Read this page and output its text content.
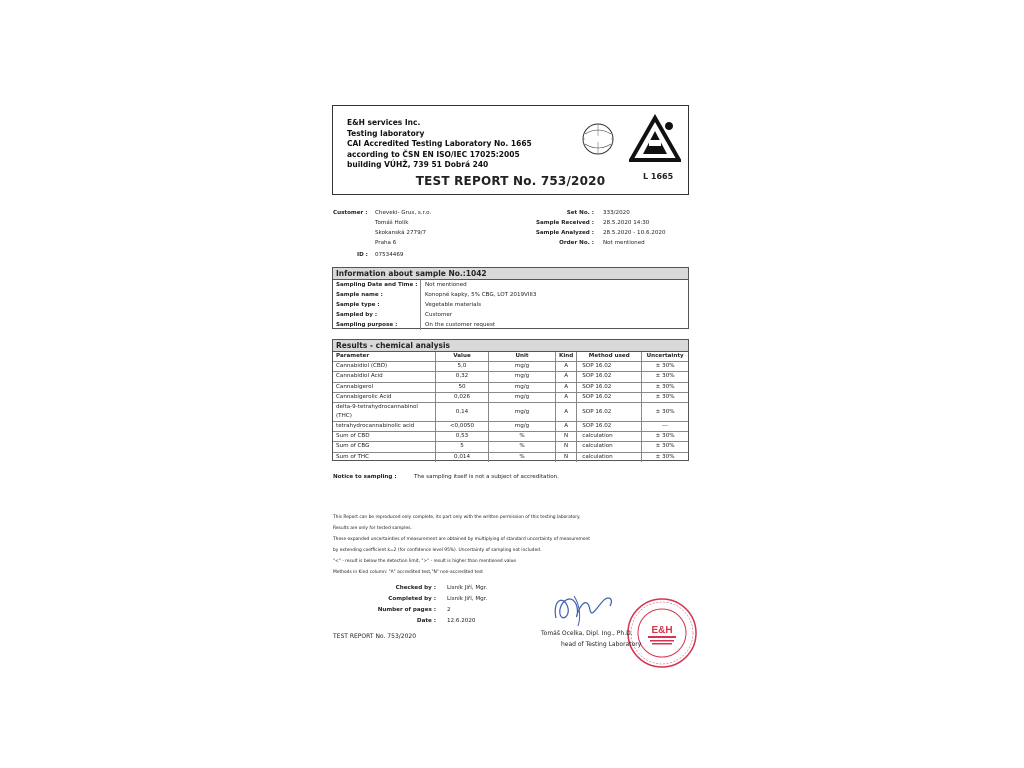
E&H services Inc.
Testing laboratory
CAI Accredited Testing Laboratory No. 1665
according to ČSN EN ISO/IEC 17025:2005
building VÚHŽ, 739 51 Dobrá 240
L 1665
TEST REPORT No. 753/2020
Customer : Cheveki- Grus, s.r.o.
Tomáš Holík
Skokanská 2779/7
Praha 6
ID : 07534469
Set No. : 333/2020
Sample Received : 28.5.2020 14:30
Sample Analyzed : 28.5.2020 - 10.6.2020
Order No. : Not mentioned
Information about sample No.:1042
Sampling Date and Time :	Not mentioned
Sample name :	Konopné kapky, 5% CBG, LOT 2019VIII3
Sample type :	Vegetable materials
Sampled by :	Customer
Sampling purpose :	On the customer request
Results - chemical analysis
Parameter	Value	Unit	Kind	Method used	Uncertainty
Cannabidiol (CBD)	5,0	mg/g	A	SOP 16.02	± 30%
Cannabidiol Acid	0,32	mg/g	A	SOP 16.02	± 30%
Cannabigerol	50	mg/g	A	SOP 16.02	± 30%
Cannabigerolic Acid	0,026	mg/g	A	SOP 16.02	± 30%
delta-9-tetrahydrocannabinol (THC)	0,14	mg/g	A	SOP 16.02	± 30%
tetrahydrocannabinolic acid	<0,0050	mg/g	A	SOP 16.02	---
Sum of CBD	0,53	%	N	calculation	± 30%
Sum of CBG	5	%	N	calculation	± 30%
Sum of THC	0,014	%	N	calculation	± 30%
Notice to sampling :	The sampling itself is not a subject of accreditation.
This Report can be reproduced only complete, its part only with the written permission of this testing laboratory.
Results are only for tested samples.
These expanded uncertainties of measurement are obtained by multiplying of standard uncertainty of measurement
by extending coefficient k=2 (for confidence level 95%). Uncertainty of sampling not included.
"<" - result is below the detection limit, ">" - result is higher than mentioned value
Methods in Kind column: "A" accredited test,"N" non-accredited test
Checked by : Lisník Jiří, Mgr.
Completed by : Lisník Jiří, Mgr.
Number of pages : 2
Date : 12.6.2020
TEST REPORT No. 753/2020
E&H
Tomáš Ocelka, Dipl. Ing., Ph.D.
head of Testing Laboratory
